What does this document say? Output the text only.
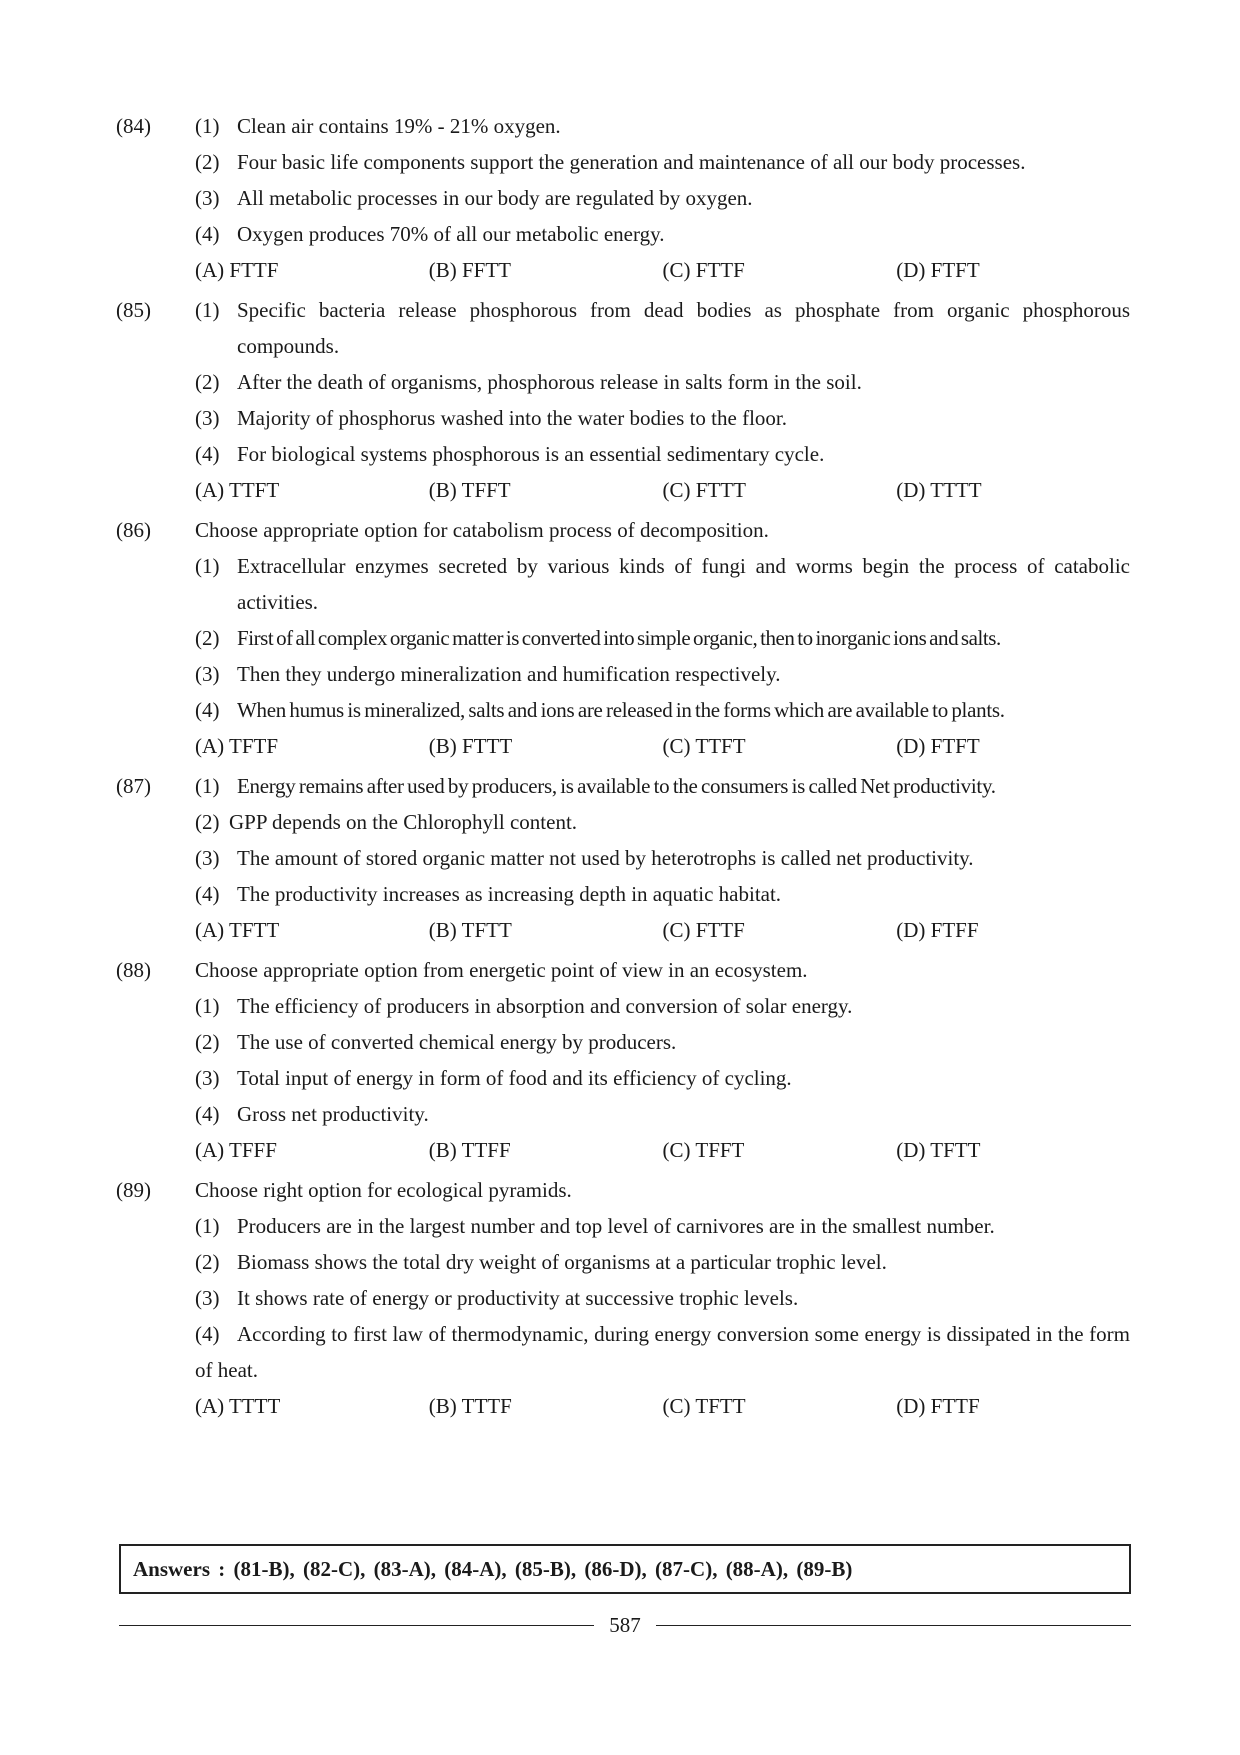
(84) (1) Clean air contains 19% - 21% oxygen.
(2) Four basic life components support the generation and maintenance of all our body processes.
(3) All metabolic processes in our body are regulated by oxygen.
(4) Oxygen produces 70% of all our metabolic energy.
(A) FTTF	(B) FFTT	(C) FTTF	(D) FTFT
(85) (1) Specific bacteria release phosphorous from dead bodies as phosphate from organic phosphorous compounds.
(2) After the death of organisms, phosphorous release in salts form in the soil.
(3) Majority of phosphorus washed into the water bodies to the floor.
(4) For biological systems phosphorous is an essential sedimentary cycle.
(A) TTFT	(B) TFFT	(C) FTTT	(D) TTTT
(86) Choose appropriate option for catabolism process of decomposition.
(1) Extracellular enzymes secreted by various kinds of fungi and worms begin the process of catabolic activities.
(2) First of all complex organic matter is converted into simple organic, then to inorganic ions and salts.
(3) Then they undergo mineralization and humification respectively.
(4) When humus is mineralized, salts and ions are released in the forms which are available to plants.
(A) TFTF	(B) FTTT	(C) TTFT	(D) FTFT
(87) (1) Energy remains after used by producers, is available to the consumers is called Net productivity.
(2) GPP depends on the Chlorophyll content.
(3) The amount of stored organic matter not used by heterotrophs is called net productivity.
(4) The productivity increases as increasing depth in aquatic habitat.
(A) TFTT	(B) TFTT	(C) FTTF	(D) FTFF
(88) Choose appropriate option from energetic point of view in an ecosystem.
(1) The efficiency of producers in absorption and conversion of solar energy.
(2) The use of converted chemical energy by producers.
(3) Total input of energy in form of food and its efficiency of cycling.
(4) Gross net productivity.
(A) TFFF	(B) TTFF	(C) TFFT	(D) TFTT
(89) Choose right option for ecological pyramids.
(1) Producers are in the largest number and top level of carnivores are in the smallest number.
(2) Biomass shows the total dry weight of organisms at a particular trophic level.
(3) It shows rate of energy or productivity at successive trophic levels.
(4) According to first law of thermodynamic, during energy conversion some energy is dissipated in the form of heat.
(A) TTTT	(B) TTTF	(C) TFTT	(D) FTTF
Answers : (81-B), (82-C), (83-A), (84-A), (85-B), (86-D), (87-C), (88-A), (89-B)
587
